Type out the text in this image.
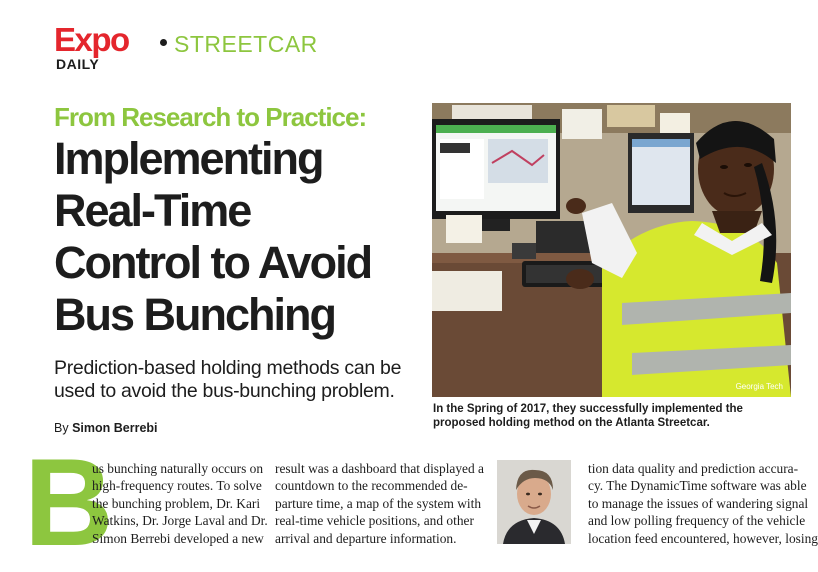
Expo
DAILY
STREETCAR
From Research to Practice:
Implementing
Real-Time
Control to Avoid
Bus Bunching
Prediction-based holding methods can be
used to avoid the bus-bunching problem.
By Simon Berrebi
Georgia Tech
In the Spring of 2017, they successfully implemented the proposed holding method on the Atlanta Streetcar.
B

us bunching naturally occurs on

high-frequency routes. To solve

the bunching problem, Dr. Kari

Watkins, Dr. Jorge Laval and Dr.

Simon Berrebi developed a new

result was a dashboard that displayed a

countdown to the recommended de-

parture time, a map of the system with

real-time vehicle positions, and other

arrival and departure information.

tion data quality and prediction accura-

cy. The DynamicTime software was able

to manage the issues of wandering signal

and low polling frequency of the vehicle

location feed encountered, however, losing
